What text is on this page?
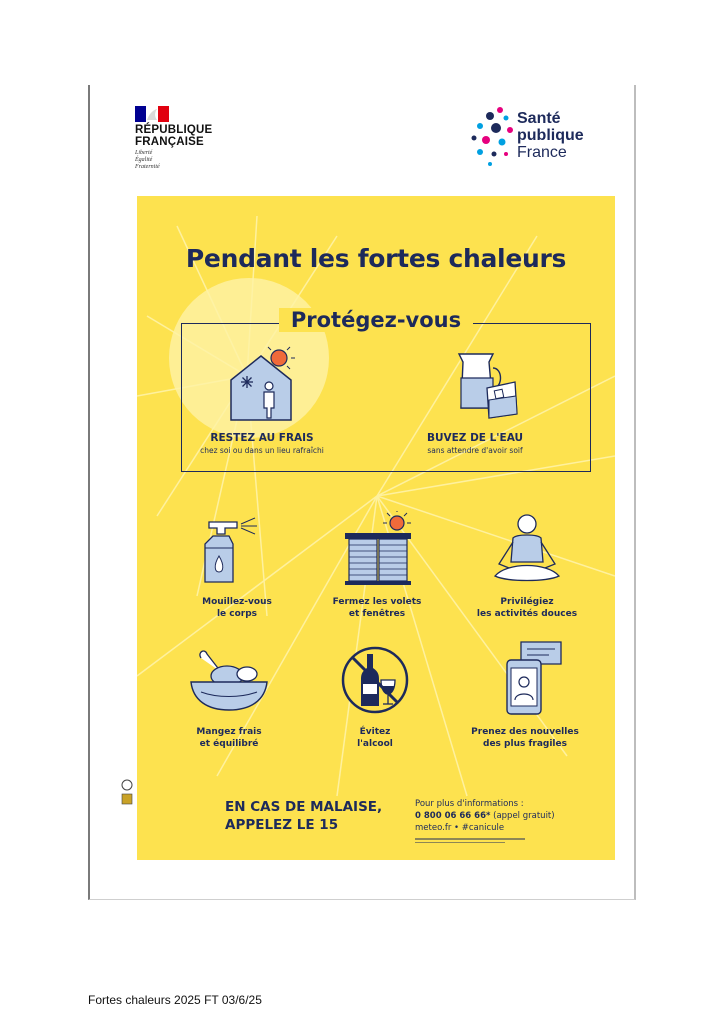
RÉPUBLIQUE
FRANÇAISE
Liberté
Égalité
Fraternité
Santé
publique
France
Pendant les fortes chaleurs
Protégez-vous
RESTEZ AU FRAIS
chez soi ou dans un lieu rafraîchi
BUVEZ DE L'EAU
sans attendre d'avoir soif
Mouillez-vous
le corps
Fermez les volets
et fenêtres
Privilégiez
les activités douces
Mangez frais
et équilibré
Évitez
l'alcool
Prenez des nouvelles
des plus fragiles
EN CAS DE MALAISE,
APPELEZ LE 15
Pour plus d'informations :
0 800 06 66 66* (appel gratuit)
meteo.fr • #canicule
Fortes chaleurs 2025 FT 03/6/25
